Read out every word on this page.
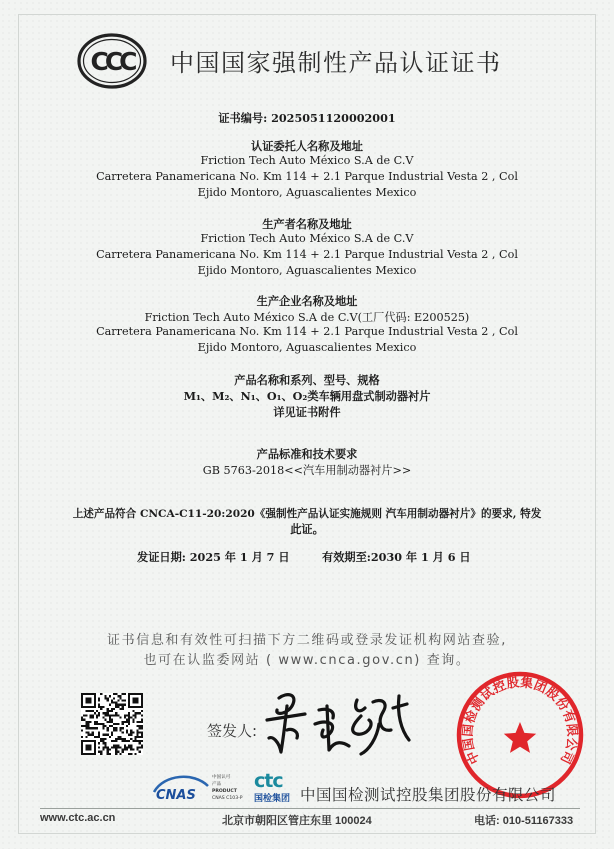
CCC 中国国家强制性产品认证证书
证书编号: 2025051120002001
认证委托人名称及地址
Friction Tech Auto México S.A de C.V
Carretera Panamericana No. Km 114 + 2.1 Parque Industrial Vesta 2 , Col
Ejido Montoro, Aguascalientes Mexico
生产者名称及地址
Friction Tech Auto México S.A de C.V
Carretera Panamericana No. Km 114 + 2.1 Parque Industrial Vesta 2 , Col
Ejido Montoro, Aguascalientes Mexico
生产企业名称及地址
Friction Tech Auto México S.A de C.V(工厂代码: E200525)
Carretera Panamericana No. Km 114 + 2.1 Parque Industrial Vesta 2 , Col
Ejido Montoro, Aguascalientes Mexico
产品名称和系列、型号、规格
M₁、M₂、N₁、O₁、O₂类车辆用盘式制动器衬片
详见证书附件
产品标准和技术要求
GB 5763-2018<<汽车用制动器衬片>>
上述产品符合 CNCA-C11-20:2020《强制性产品认证实施规则 汽车用制动器衬片》的要求, 特发
此证。
发证日期: 2025 年 1 月 7 日	有效期至:2030 年 1 月 6 日
证书信息和有效性可扫描下方二维码或登录发证机构网站查验,
也可在认监委网站 ( www.cnca.gov.cn) 查询。
签发人:
中国国检测试控股集团股份有限公司
CNAS
中国认可
产品
PRODUCT
CNAS C103-P
ctc
国检集团 中国国检测试控股集团股份有限公司
www.ctc.ac.cn	北京市朝阳区管庄东里 100024	电话: 010-51167333
